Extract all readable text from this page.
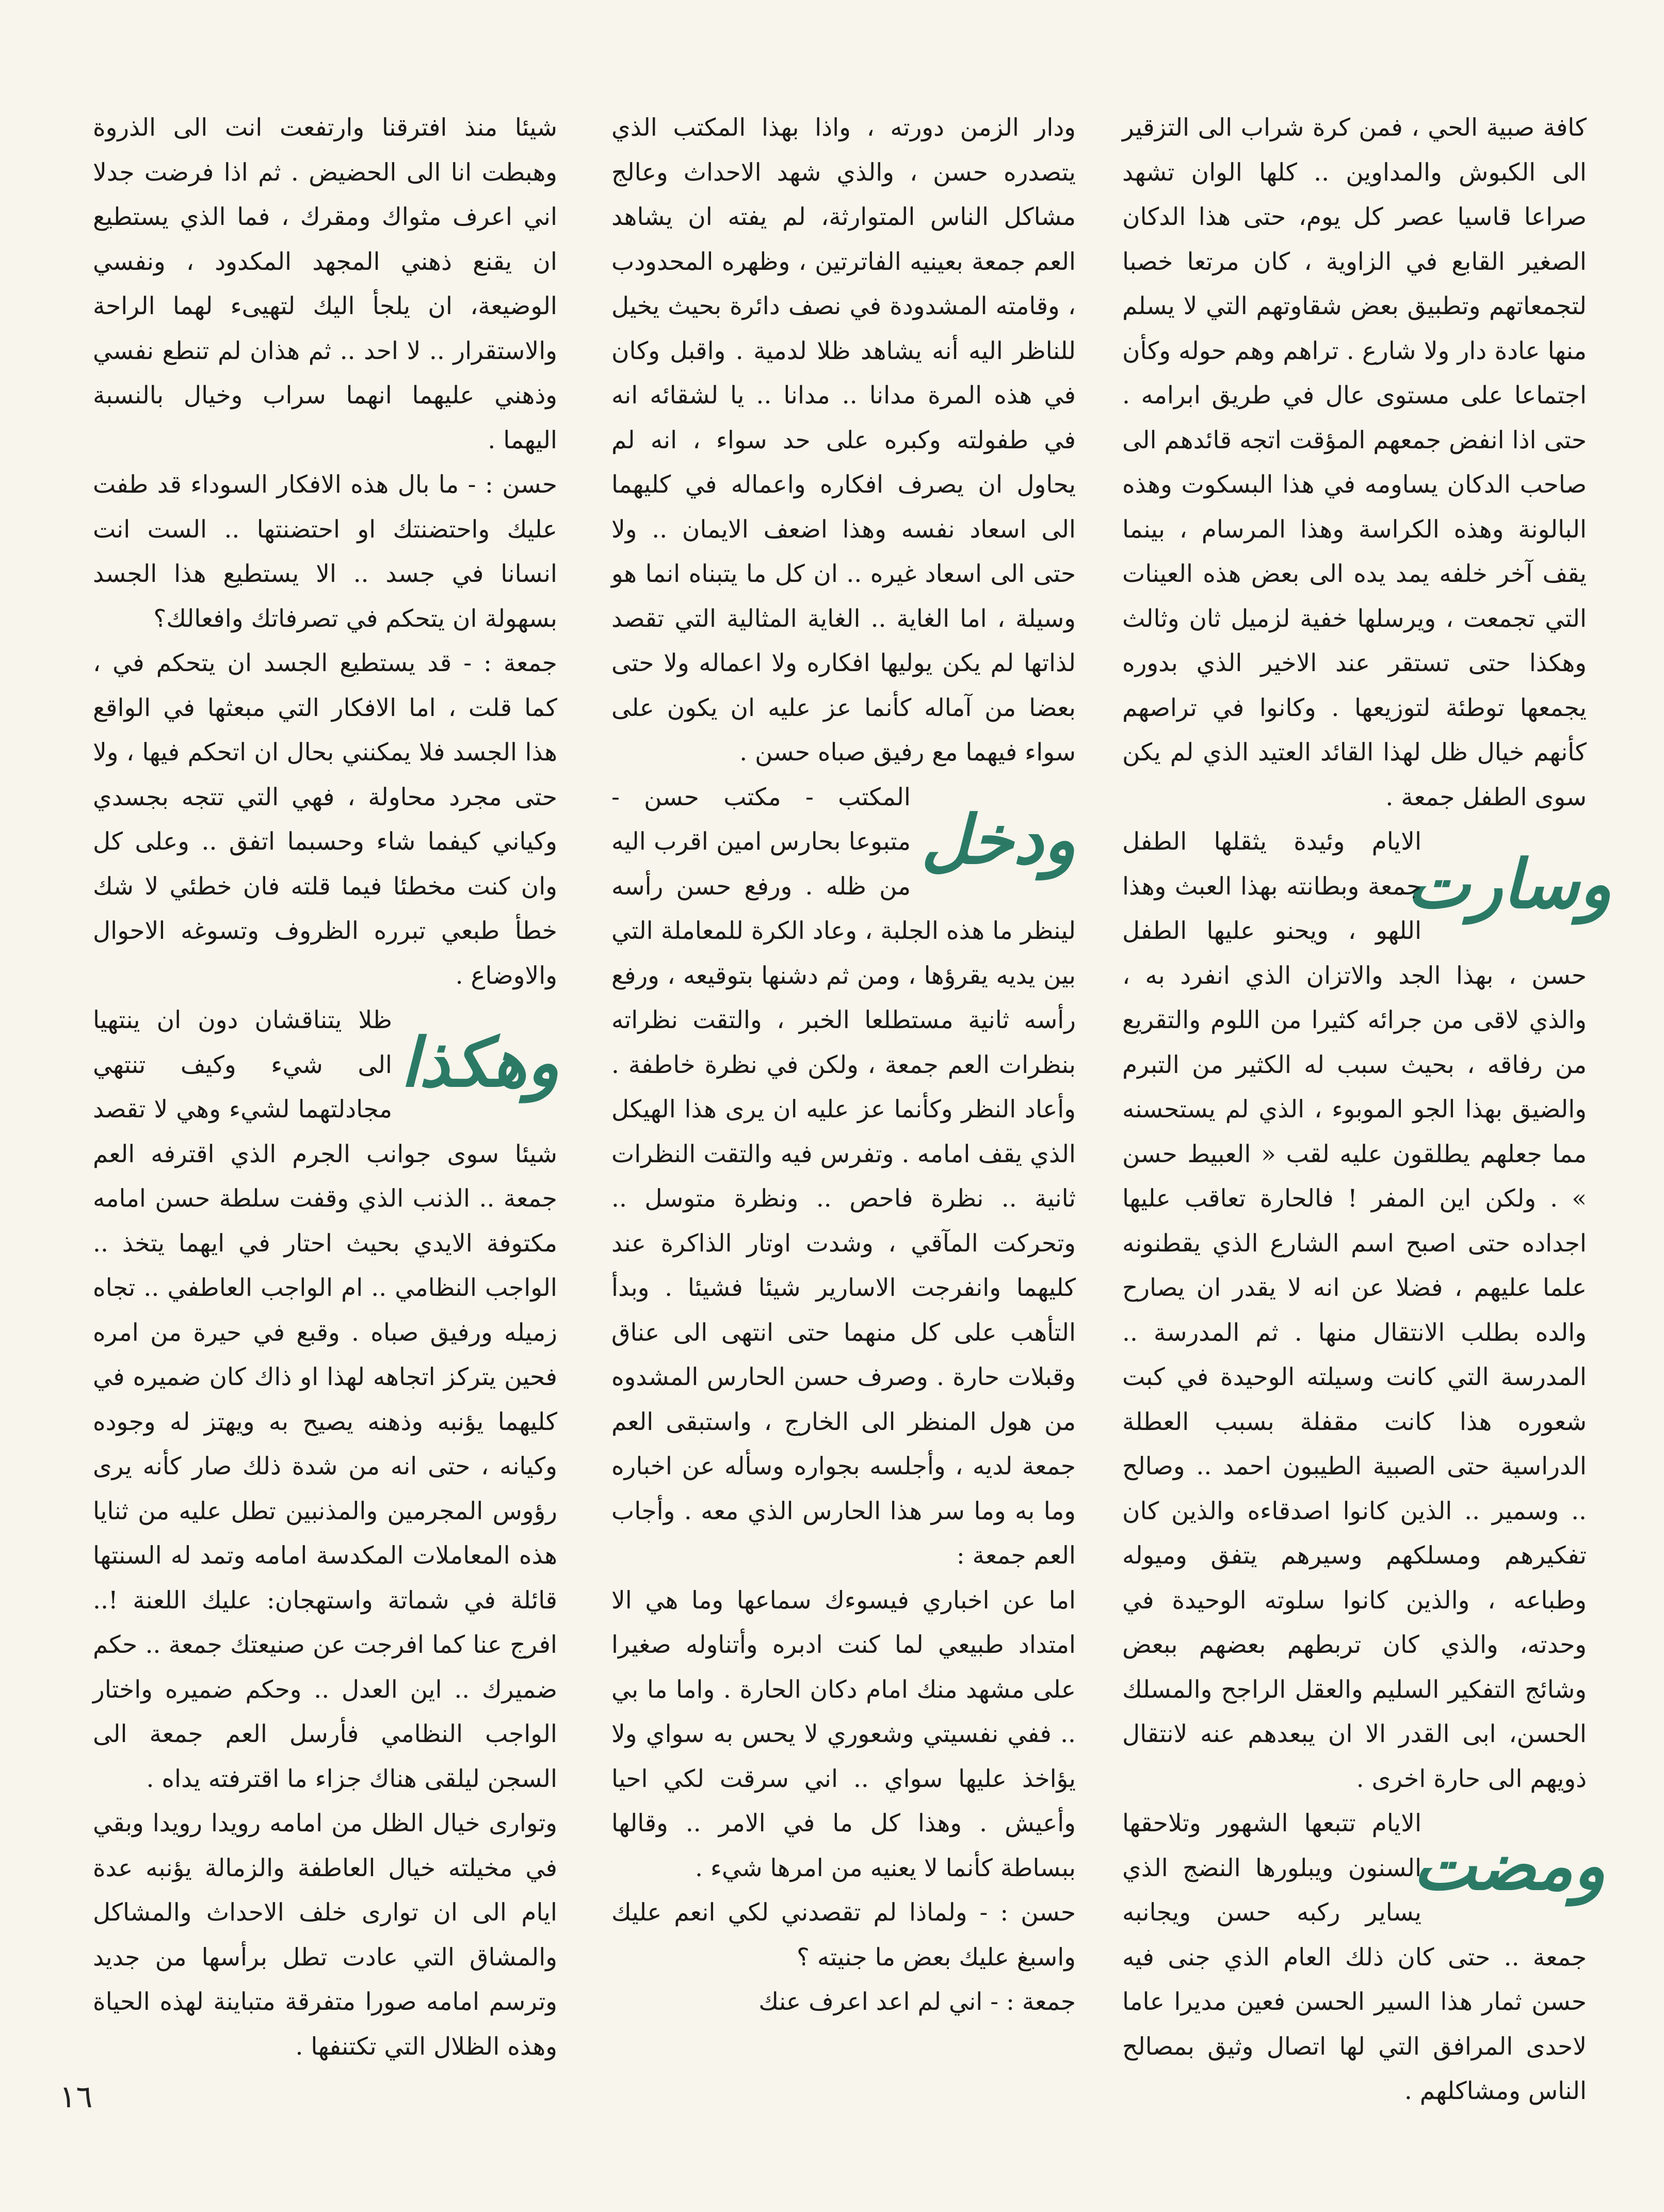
كافة صبية الحي ، فمن كرة شراب الى التزقير الى الكبوش والمداوين .. كلها الوان تشهد صراعا قاسيا عصر كل يوم، حتى هذا الدكان الصغير القابع في الزاوية ، كان مرتعا خصبا لتجمعاتهم وتطبيق بعض شقاوتهم التي لا يسلم منها عادة دار ولا شارع . تراهم وهم حوله وكأن اجتماعا على مستوى عال في طريق ابرامه . حتى اذا انفض جمعهم المؤقت اتجه قائدهم الى صاحب الدكان يساومه في هذا البسكوت وهذه البالونة وهذه الكراسة وهذا المرسام ، بينما يقف آخر خلفه يمد يده الى بعض هذه العينات التي تجمعت ، ويرسلها خفية لزميل ثان وثالث وهكذا حتى تستقر عند الاخير الذي بدوره يجمعها توطئة لتوزيعها . وكانوا في تراصهم كأنهم خيال ظل لهذا القائد العتيد الذي لم يكن سوى الطفل جمعة .

وسارت

الايام وئيدة يثقلها الطفل جمعة وبطانته بهذا العبث وهذا اللهو ، ويحنو عليها الطفل حسن ، بهذا الجد والاتزان الذي انفرد به ، والذي لاقى من جرائه كثيرا من اللوم والتقريع من رفاقه ، بحيث سبب له الكثير من التبرم والضيق بهذا الجو الموبوء ، الذي لم يستحسنه مما جعلهم يطلقون عليه لقب « العبيط حسن » . ولكن اين المفر ! فالحارة تعاقب عليها اجداده حتى اصبح اسم الشارع الذي يقطنونه علما عليهم ، فضلا عن انه لا يقدر ان يصارح والده بطلب الانتقال منها . ثم المدرسة .. المدرسة التي كانت وسيلته الوحيدة في كبت شعوره هذا كانت مقفلة بسبب العطلة الدراسية حتى الصبية الطيبون احمد .. وصالح .. وسمير .. الذين كانوا اصدقاءه والذين كان تفكيرهم ومسلكهم وسيرهم يتفق وميوله وطباعه ، والذين كانوا سلوته الوحيدة في وحدته، والذي كان تربطهم بعضهم ببعض وشائج التفكير السليم والعقل الراجح والمسلك الحسن، ابى القدر الا ان يبعدهم عنه لانتقال ذويهم الى حارة اخرى .

ومضت

الايام تتبعها الشهور وتلاحقها السنون ويبلورها النضج الذي يساير ركبه حسن ويجانبه جمعة .. حتى كان ذلك العام الذي جنى فيه حسن ثمار هذا السير الحسن فعين مديرا عاما لاحدى المرافق التي لها اتصال وثيق بمصالح الناس ومشاكلهم .

ودار الزمن دورته ، واذا بهذا المكتب الذي يتصدره حسن ، والذي شهد الاحداث وعالج مشاكل الناس المتوارثة، لم يفته ان يشاهد العم جمعة بعينيه الفاترتين ، وظهره المحدودب ، وقامته المشدودة في نصف دائرة بحيث يخيل للناظر اليه أنه يشاهد ظلا لدمية . واقبل وكان في هذه المرة مدانا .. مدانا .. يا لشقائه انه في طفولته وكبره على حد سواء ، انه لم يحاول ان يصرف افكاره واعماله في كليهما الى اسعاد نفسه وهذا اضعف الايمان .. ولا حتى الى اسعاد غيره .. ان كل ما يتبناه انما هو وسيلة ، اما الغاية .. الغاية المثالية التي تقصد لذاتها لم يكن يوليها افكاره ولا اعماله ولا حتى بعضا من آماله كأنما عز عليه ان يكون على سواء فيهما مع رفيق صباه حسن .

ودخل

المكتب - مكتب حسن - متبوعا بحارس امين اقرب اليه من ظله . ورفع حسن رأسه لينظر ما هذه الجلبة ، وعاد الكرة للمعاملة التي بين يديه يقرؤها ، ومن ثم دشنها بتوقيعه ، ورفع رأسه ثانية مستطلعا الخبر ، والتقت نظراته بنظرات العم جمعة ، ولكن في نظرة خاطفة . وأعاد النظر وكأنما عز عليه ان يرى هذا الهيكل الذي يقف امامه . وتفرس فيه والتقت النظرات ثانية .. نظرة فاحص .. ونظرة متوسل .. وتحركت المآقي ، وشدت اوتار الذاكرة عند كليهما وانفرجت الاسارير شيئا فشيئا . وبدأ التأهب على كل منهما حتى انتهى الى عناق وقبلات حارة . وصرف حسن الحارس المشدوه من هول المنظر الى الخارج ، واستبقى العم جمعة لديه ، وأجلسه بجواره وسأله عن اخباره وما به وما سر هذا الحارس الذي معه . وأجاب العم جمعة :

اما عن اخباري فيسوءك سماعها وما هي الا امتداد طبيعي لما كنت ادبره وأتناوله صغيرا على مشهد منك امام دكان الحارة . واما ما بي .. ففي نفسيتي وشعوري لا يحس به سواي ولا يؤاخذ عليها سواي .. اني سرقت لكي احيا وأعيش . وهذا كل ما في الامر .. وقالها ببساطة كأنما لا يعنيه من امرها شيء .

حسن : - ولماذا لم تقصدني لكي انعم عليك واسبغ عليك بعض ما جنيته ؟

جمعة : - اني لم اعد اعرف عنك

شيئا منذ افترقنا وارتفعت انت الى الذروة وهبطت انا الى الحضيض . ثم اذا فرضت جدلا اني اعرف مثواك ومقرك ، فما الذي يستطيع ان يقنع ذهني المجهد المكدود ، ونفسي الوضيعة، ان يلجأ اليك لتهيىء لهما الراحة والاستقرار .. لا احد .. ثم هذان لم تنطع نفسي وذهني عليهما انهما سراب وخيال بالنسبة اليهما .

حسن : - ما بال هذه الافكار السوداء قد طفت عليك واحتضنتك او احتضنتها .. الست انت انسانا في جسد .. الا يستطيع هذا الجسد بسهولة ان يتحكم في تصرفاتك وافعالك؟

جمعة : - قد يستطيع الجسد ان يتحكم في ، كما قلت ، اما الافكار التي مبعثها في الواقع هذا الجسد فلا يمكنني بحال ان اتحكم فيها ، ولا حتى مجرد محاولة ، فهي التي تتجه بجسدي وكياني كيفما شاء وحسبما اتفق .. وعلى كل وان كنت مخطئا فيما قلته فان خطئي لا شك خطأ طبعي تبرره الظروف وتسوغه الاحوال والاوضاع .

وهكذا

ظلا يتناقشان دون ان ينتهيا الى شيء وكيف تنتهي مجادلتهما لشيء وهي لا تقصد شيئا سوى جوانب الجرم الذي اقترفه العم جمعة .. الذنب الذي وقفت سلطة حسن امامه مكتوفة الايدي بحيث احتار في ايهما يتخذ .. الواجب النظامي .. ام الواجب العاطفي .. تجاه زميله ورفيق صباه . وقبع في حيرة من امره فحين يتركز اتجاهه لهذا او ذاك كان ضميره في كليهما يؤنبه وذهنه يصيح به ويهتز له وجوده وكيانه ، حتى انه من شدة ذلك صار كأنه يرى رؤوس المجرمين والمذنبين تطل عليه من ثنايا هذه المعاملات المكدسة امامه وتمد له السنتها قائلة في شماتة واستهجان: عليك اللعنة !.. افرج عنا كما افرجت عن صنيعتك جمعة .. حكم ضميرك .. اين العدل .. وحكم ضميره واختار الواجب النظامي فأرسل العم جمعة الى السجن ليلقى هناك جزاء ما اقترفته يداه .

وتوارى خيال الظل من امامه رويدا رويدا وبقي في مخيلته خيال العاطفة والزمالة يؤنبه عدة ايام الى ان توارى خلف الاحداث والمشاكل والمشاق التي عادت تطل برأسها من جديد وترسم امامه صورا متفرقة متباينة لهذه الحياة وهذه الظلال التي تكتنفها .

١٦
